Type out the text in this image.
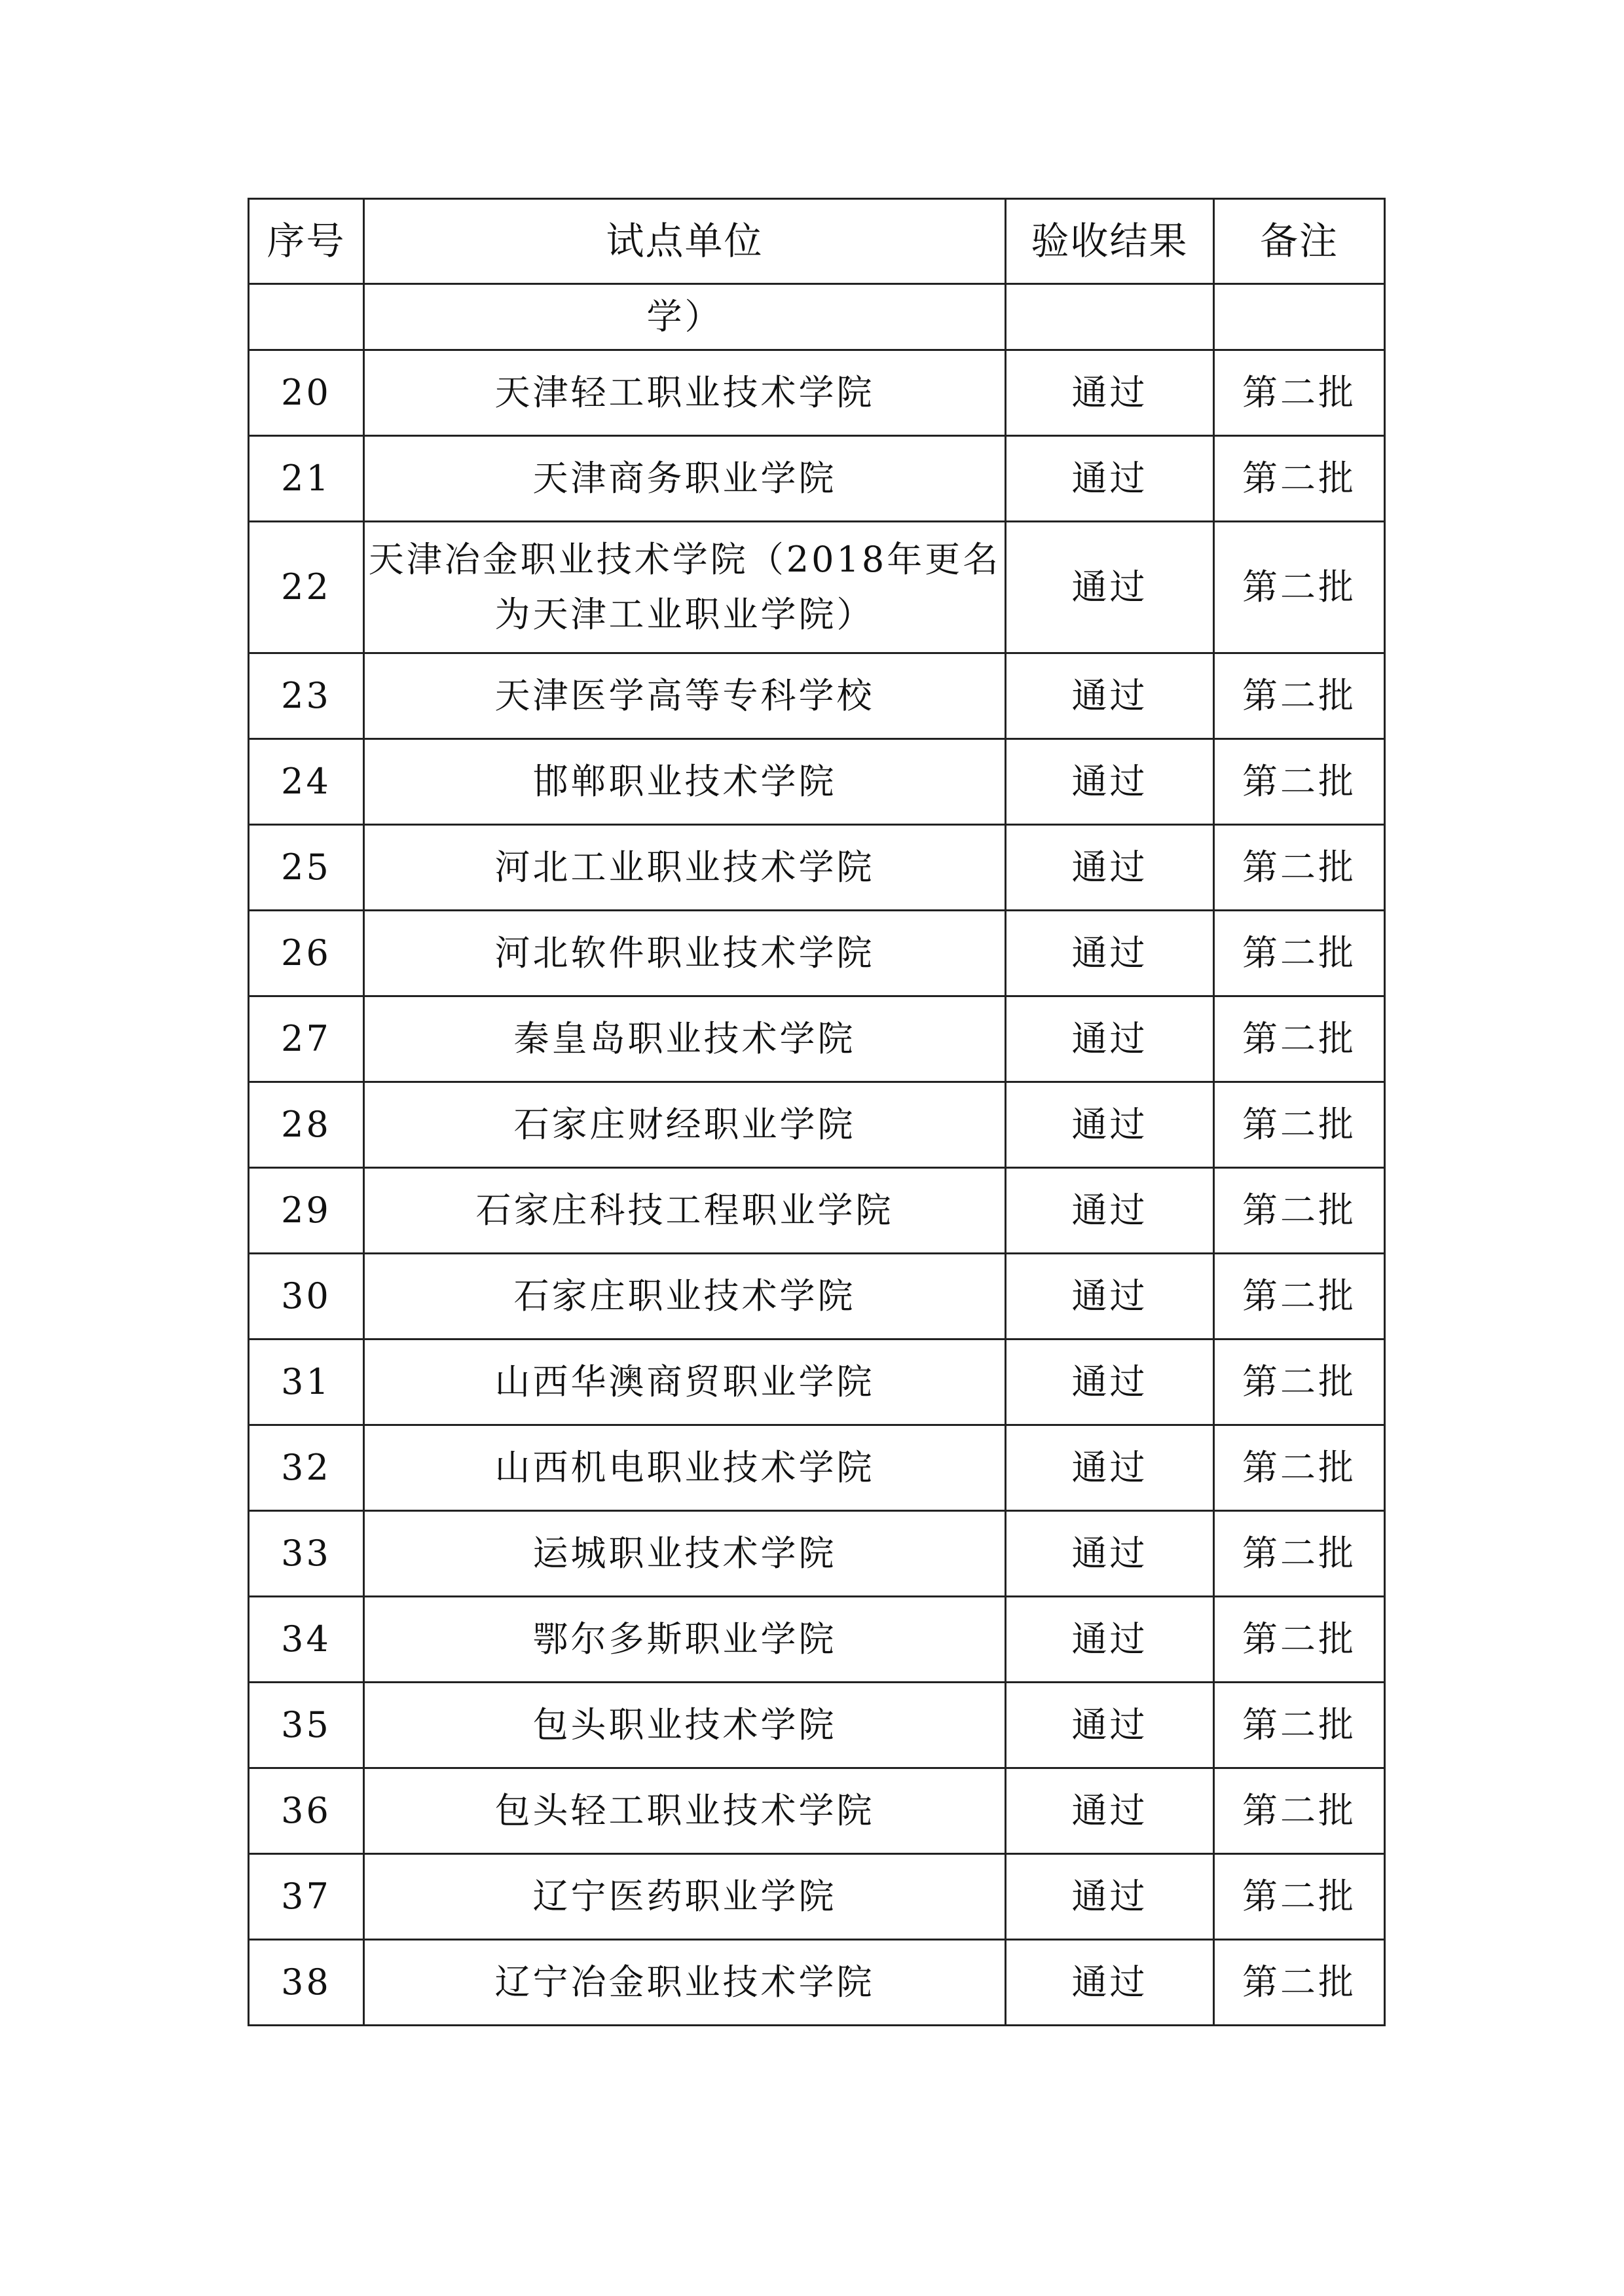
序号	试点单位	验收结果	备注
	学）		
20	天津轻工职业技术学院	通过	第二批
21	天津商务职业学院	通过	第二批
22	天津冶金职业技术学院（2018年更名为天津工业职业学院）	通过	第二批
23	天津医学高等专科学校	通过	第二批
24	邯郸职业技术学院	通过	第二批
25	河北工业职业技术学院	通过	第二批
26	河北软件职业技术学院	通过	第二批
27	秦皇岛职业技术学院	通过	第二批
28	石家庄财经职业学院	通过	第二批
29	石家庄科技工程职业学院	通过	第二批
30	石家庄职业技术学院	通过	第二批
31	山西华澳商贸职业学院	通过	第二批
32	山西机电职业技术学院	通过	第二批
33	运城职业技术学院	通过	第二批
34	鄂尔多斯职业学院	通过	第二批
35	包头职业技术学院	通过	第二批
36	包头轻工职业技术学院	通过	第二批
37	辽宁医药职业学院	通过	第二批
38	辽宁冶金职业技术学院	通过	第二批
